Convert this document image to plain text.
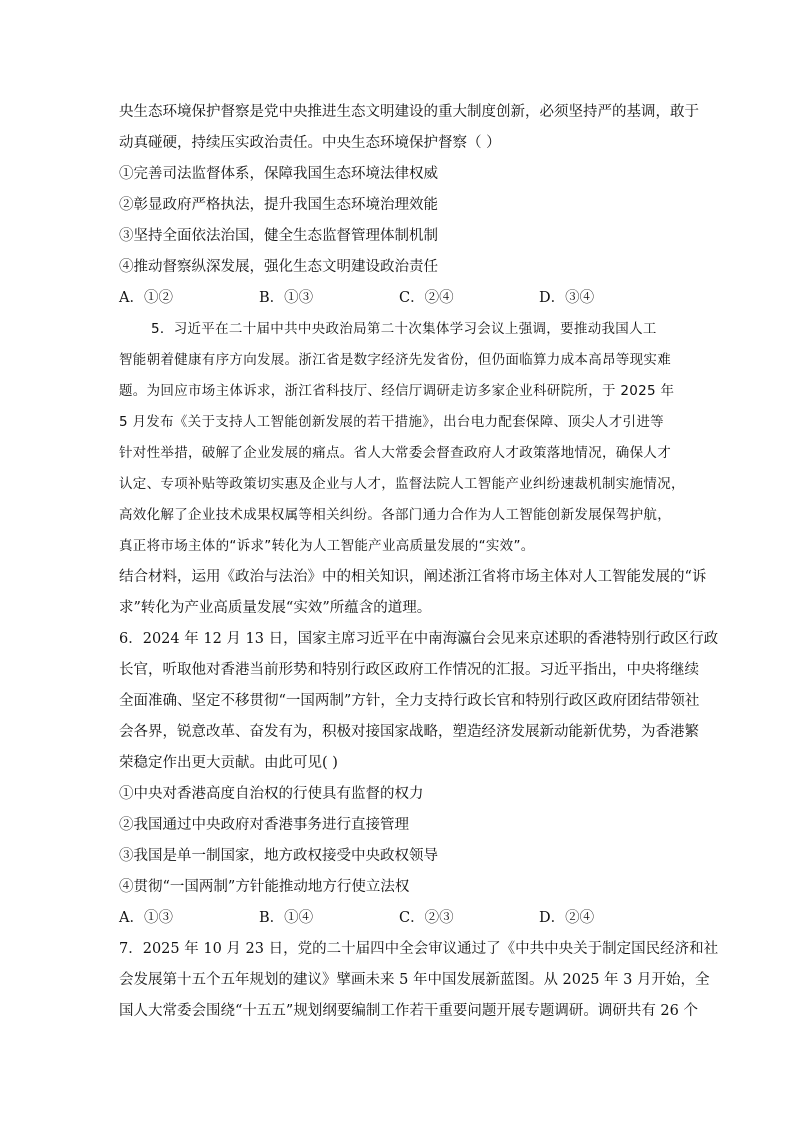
央生态环境保护督察是党中央推进生态文明建设的重大制度创新，必须坚持严的基调，敢于
动真碰硬，持续压实政治责任。中央生态环境保护督察（ ）
①完善司法监督体系，保障我国生态环境法律权威
②彰显政府严格执法，提升我国生态环境治理效能
③坚持全面依法治国，健全生态监督管理体制机制
④推动督察纵深发展，强化生态文明建设政治责任
A．①②	B．①③	C．②④	D．③④
5．习近平在二十届中共中央政治局第二十次集体学习会议上强调，要推动我国人工
智能朝着健康有序方向发展。浙江省是数字经济先发省份，但仍面临算力成本高昂等现实难
题。为回应市场主体诉求，浙江省科技厅、经信厅调研走访多家企业科研院所，于 2025 年
5 月发布《关于支持人工智能创新发展的若干措施》，出台电力配套保障、顶尖人才引进等
针对性举措，破解了企业发展的痛点。省人大常委会督查政府人才政策落地情况，确保人才
认定、专项补贴等政策切实惠及企业与人才，监督法院人工智能产业纠纷速裁机制实施情况，
高效化解了企业技术成果权属等相关纠纷。各部门通力合作为人工智能创新发展保驾护航，
真正将市场主体的“诉求”转化为人工智能产业高质量发展的“实效”。
结合材料，运用《政治与法治》中的相关知识，阐述浙江省将市场主体对人工智能发展的“诉
求”转化为产业高质量发展“实效”所蕴含的道理。
6．2024 年 12 月 13 日，国家主席习近平在中南海瀛台会见来京述职的香港特别行政区行政
长官，听取他对香港当前形势和特别行政区政府工作情况的汇报。习近平指出，中央将继续
全面准确、坚定不移贯彻“一国两制”方针，全力支持行政长官和特别行政区政府团结带领社
会各界，锐意改革、奋发有为，积极对接国家战略，塑造经济发展新动能新优势，为香港繁
荣稳定作出更大贡献。由此可见( )
①中央对香港高度自治权的行使具有监督的权力
②我国通过中央政府对香港事务进行直接管理
③我国是单一制国家，地方政权接受中央政权领导
④贯彻“一国两制”方针能推动地方行使立法权
A．①③	B．①④	C．②③	D．②④
7．2025 年 10 月 23 日，党的二十届四中全会审议通过了《中共中央关于制定国民经济和社
会发展第十五个五年规划的建议》擘画未来 5 年中国发展新蓝图。从 2025 年 3 月开始，全
国人大常委会围绕“十五五”规划纲要编制工作若干重要问题开展专题调研。调研共有 26 个
